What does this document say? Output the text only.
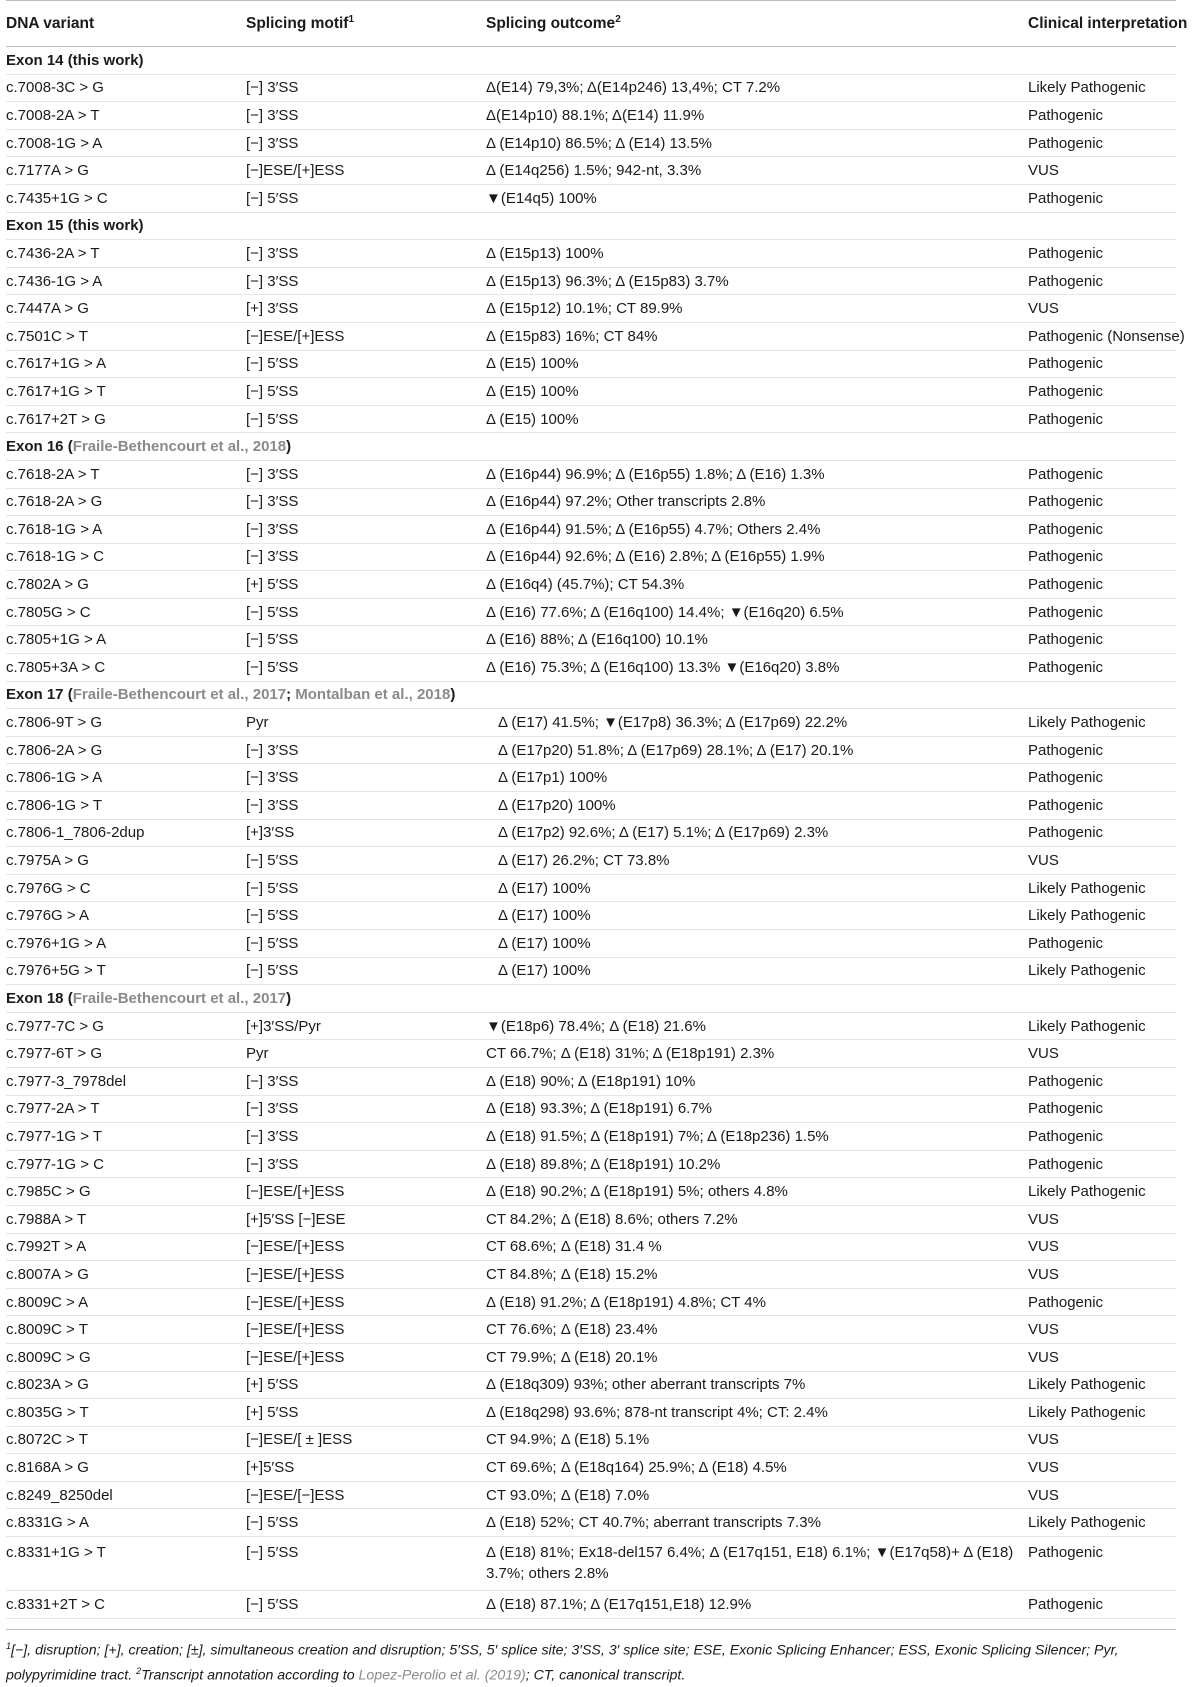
DNA variant	Splicing motif$^1$	Splicing outcome$^2$	Clinical interpretation
Exon 14 (this work)			
c.7008-3C > G	[−] 3′SS	Δ(E14) 79,3%; Δ(E14p246) 13,4%; CT 7.2%	Likely Pathogenic
c.7008-2A > T	[−] 3′SS	Δ(E14p10) 88.1%; Δ(E14) 11.9%	Pathogenic
c.7008-1G > A	[−] 3′SS	Δ (E14p10) 86.5%; Δ (E14) 13.5%	Pathogenic
c.7177A > G	[−]ESE/[+]ESS	Δ (E14q256) 1.5%; 942-nt, 3.3%	VUS
c.7435+1G > C	[−] 5′SS	▼(E14q5) 100%	Pathogenic
Exon 15 (this work)			
c.7436-2A > T	[−] 3′SS	Δ (E15p13) 100%	Pathogenic
c.7436-1G > A	[−] 3′SS	Δ (E15p13) 96.3%; Δ (E15p83) 3.7%	Pathogenic
c.7447A > G	[+] 3′SS	Δ (E15p12) 10.1%; CT 89.9%	VUS
c.7501C > T	[−]ESE/[+]ESS	Δ (E15p83) 16%; CT 84%	Pathogenic (Nonsense)
c.7617+1G > A	[−] 5′SS	Δ (E15) 100%	Pathogenic
c.7617+1G > T	[−] 5′SS	Δ (E15) 100%	Pathogenic
c.7617+2T > G	[−] 5′SS	Δ (E15) 100%	Pathogenic
Exon 16 (Fraile-Bethencourt et al., 2018)			
c.7618-2A > T	[−] 3′SS	Δ (E16p44) 96.9%; Δ (E16p55) 1.8%; Δ (E16) 1.3%	Pathogenic
c.7618-2A > G	[−] 3′SS	Δ (E16p44) 97.2%; Other transcripts 2.8%	Pathogenic
c.7618-1G > A	[−] 3′SS	Δ (E16p44) 91.5%; Δ (E16p55) 4.7%; Others 2.4%	Pathogenic
c.7618-1G > C	[−] 3′SS	Δ (E16p44) 92.6%; Δ (E16) 2.8%; Δ (E16p55) 1.9%	Pathogenic
c.7802A > G	[+] 5′SS	Δ (E16q4) (45.7%); CT 54.3%	Pathogenic
c.7805G > C	[−] 5′SS	Δ (E16) 77.6%; Δ (E16q100) 14.4%; ▼(E16q20) 6.5%	Pathogenic
c.7805+1G > A	[−] 5′SS	Δ (E16) 88%; Δ (E16q100) 10.1%	Pathogenic
c.7805+3A > C	[−] 5′SS	Δ (E16) 75.3%; Δ (E16q100) 13.3% ▼(E16q20) 3.8%	Pathogenic
Exon 17 (Fraile-Bethencourt et al., 2017; Montalban et al., 2018)			
c.7806-9T > G	Pyr	Δ (E17) 41.5%; ▼(E17p8) 36.3%; Δ (E17p69) 22.2%	Likely Pathogenic
c.7806-2A > G	[−] 3′SS	Δ (E17p20) 51.8%; Δ (E17p69) 28.1%; Δ (E17) 20.1%	Pathogenic
c.7806-1G > A	[−] 3′SS	Δ (E17p1) 100%	Pathogenic
c.7806-1G > T	[−] 3′SS	Δ (E17p20) 100%	Pathogenic
c.7806-1_7806-2dup	[+]3′SS	Δ (E17p2) 92.6%; Δ (E17) 5.1%; Δ (E17p69) 2.3%	Pathogenic
c.7975A > G	[−] 5′SS	Δ (E17) 26.2%; CT 73.8%	VUS
c.7976G > C	[−] 5′SS	Δ (E17) 100%	Likely Pathogenic
c.7976G > A	[−] 5′SS	Δ (E17) 100%	Likely Pathogenic
c.7976+1G > A	[−] 5′SS	Δ (E17) 100%	Pathogenic
c.7976+5G > T	[−] 5′SS	Δ (E17) 100%	Likely Pathogenic
Exon 18 (Fraile-Bethencourt et al., 2017)			
c.7977-7C > G	[+]3′SS/Pyr	▼(E18p6) 78.4%; Δ (E18) 21.6%	Likely Pathogenic
c.7977-6T > G	Pyr	CT 66.7%; Δ (E18) 31%; Δ (E18p191) 2.3%	VUS
c.7977-3_7978del	[−] 3′SS	Δ (E18) 90%; Δ (E18p191) 10%	Pathogenic
c.7977-2A > T	[−] 3′SS	Δ (E18) 93.3%; Δ (E18p191) 6.7%	Pathogenic
c.7977-1G > T	[−] 3′SS	Δ (E18) 91.5%; Δ (E18p191) 7%; Δ (E18p236) 1.5%	Pathogenic
c.7977-1G > C	[−] 3′SS	Δ (E18) 89.8%; Δ (E18p191) 10.2%	Pathogenic
c.7985C > G	[−]ESE/[+]ESS	Δ (E18) 90.2%; Δ (E18p191) 5%; others 4.8%	Likely Pathogenic
c.7988A > T	[+]5′SS [−]ESE	CT 84.2%; Δ (E18) 8.6%; others 7.2%	VUS
c.7992T > A	[−]ESE/[+]ESS	CT 68.6%; Δ (E18) 31.4 %	VUS
c.8007A > G	[−]ESE/[+]ESS	CT 84.8%; Δ (E18) 15.2%	VUS
c.8009C > A	[−]ESE/[+]ESS	Δ (E18) 91.2%; Δ (E18p191) 4.8%; CT 4%	Pathogenic
c.8009C > T	[−]ESE/[+]ESS	CT 76.6%; Δ (E18) 23.4%	VUS
c.8009C > G	[−]ESE/[+]ESS	CT 79.9%; Δ (E18) 20.1%	VUS
c.8023A > G	[+] 5′SS	Δ (E18q309) 93%; other aberrant transcripts 7%	Likely Pathogenic
c.8035G > T	[+] 5′SS	Δ (E18q298) 93.6%; 878-nt transcript 4%; CT: 2.4%	Likely Pathogenic
c.8072C > T	[−]ESE/[ ± ]ESS	CT 94.9%; Δ (E18) 5.1%	VUS
c.8168A > G	[+]5′SS	CT 69.6%; Δ (E18q164) 25.9%; Δ (E18) 4.5%	VUS
c.8249_8250del	[−]ESE/[−]ESS	CT 93.0%; Δ (E18) 7.0%	VUS
c.8331G > A	[−] 5′SS	Δ (E18) 52%; CT 40.7%; aberrant transcripts 7.3%	Likely Pathogenic
c.8331+1G > T	[−] 5′SS	Δ (E18) 81%; Ex18-del157 6.4%; Δ (E17q151, E18) 6.1%; ▼(E17q58)+ Δ (E18) 3.7%; others 2.8%	Pathogenic
c.8331+2T > C	[−] 5′SS	Δ (E18) 87.1%; Δ (E17q151,E18) 12.9%	Pathogenic
$^1$[−], disruption; [+], creation; [±], simultaneous creation and disruption; 5′SS, 5′ splice site; 3′SS, 3′ splice site; ESE, Exonic Splicing Enhancer; ESS, Exonic Splicing Silencer; Pyr, polypyrimidine tract. $^2$Transcript annotation according to Lopez-Perolio et al. (2019); CT, canonical transcript.
